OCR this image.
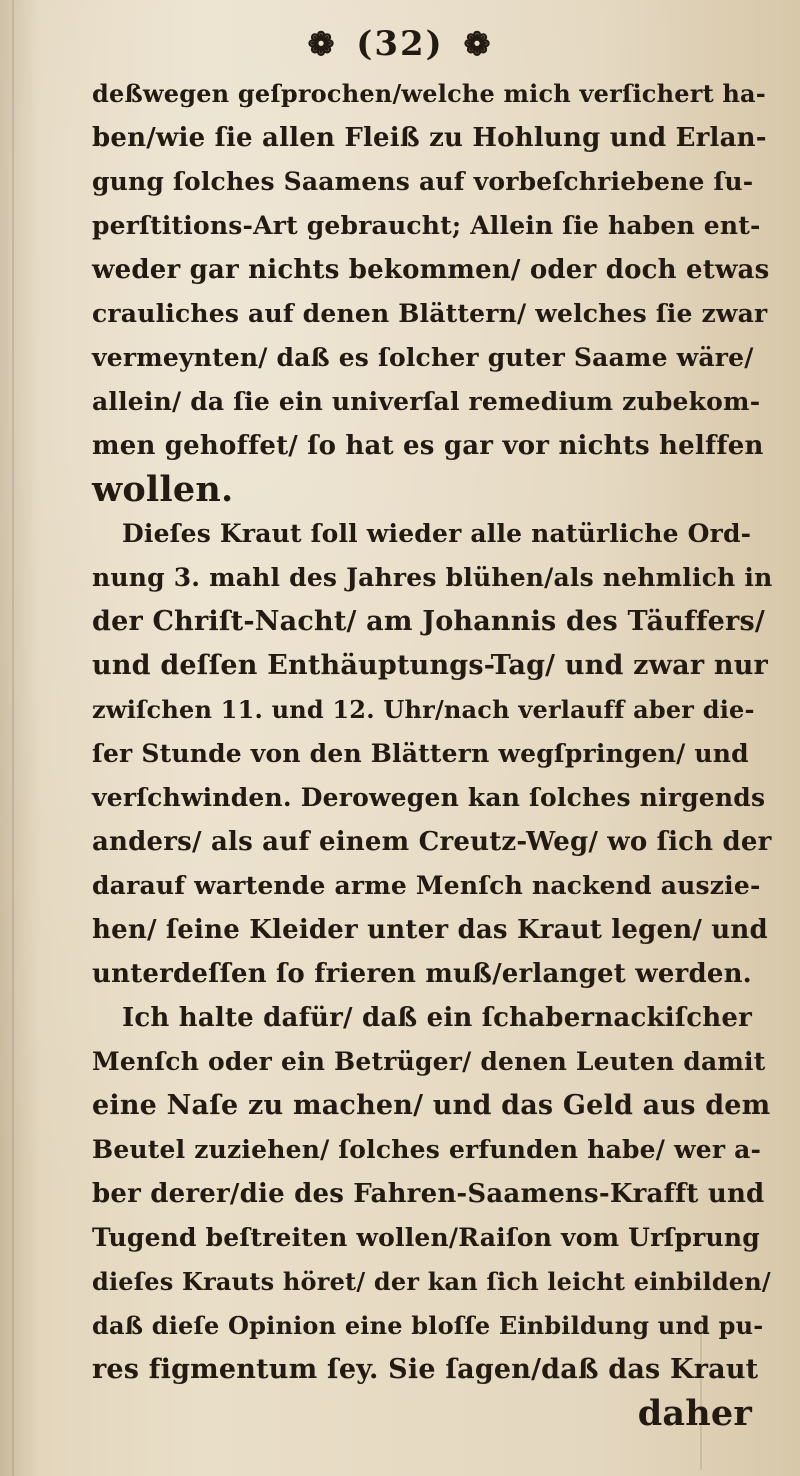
❁ (32) ❁
deßwegen geſprochen/welche mich verſichert ha-
ben/wie ſie allen Fleiß zu Hohlung und Erlan-
gung ſolches Saamens auf vorbeſchriebene ſu-
perſtitions-Art gebraucht; Allein ſie haben ent-
weder gar nichts bekommen/ oder doch etwas
crauliches auf denen Blättern/ welches ſie zwar
vermeynten/ daß es ſolcher guter Saame wäre/
allein/ da ſie ein univerſal remedium zubekom-
men gehoffet/ ſo hat es gar vor nichts helffen
wollen.
Dieſes Kraut ſoll wieder alle natürliche Ord-
nung 3. mahl des Jahres blühen/als nehmlich in
der Chriſt-Nacht/ am Johannis des Täuffers/
und deſſen Enthäuptungs-Tag/ und zwar nur
zwiſchen 11. und 12. Uhr/nach verlauff aber die-
ſer Stunde von den Blättern wegſpringen/ und
verſchwinden. Derowegen kan ſolches nirgends
anders/ als auf einem Creutz-Weg/ wo ſich der
darauf wartende arme Menſch nackend auszie-
hen/ ſeine Kleider unter das Kraut legen/ und
unterdeſſen ſo frieren muß/erlanget werden.
Ich halte dafür/ daß ein ſchabernackiſcher
Menſch oder ein Betrüger/ denen Leuten damit
eine Naſe zu machen/ und das Geld aus dem
Beutel zuziehen/ ſolches erfunden habe/ wer a-
ber derer/die des Fahren-Saamens-Krafft und
Tugend beſtreiten wollen/Raiſon vom Urſprung
dieſes Krauts höret/ der kan ſich leicht einbilden/
daß dieſe Opinion eine bloſſe Einbildung und pu-
res figmentum ſey. Sie ſagen/daß das Kraut
daher
